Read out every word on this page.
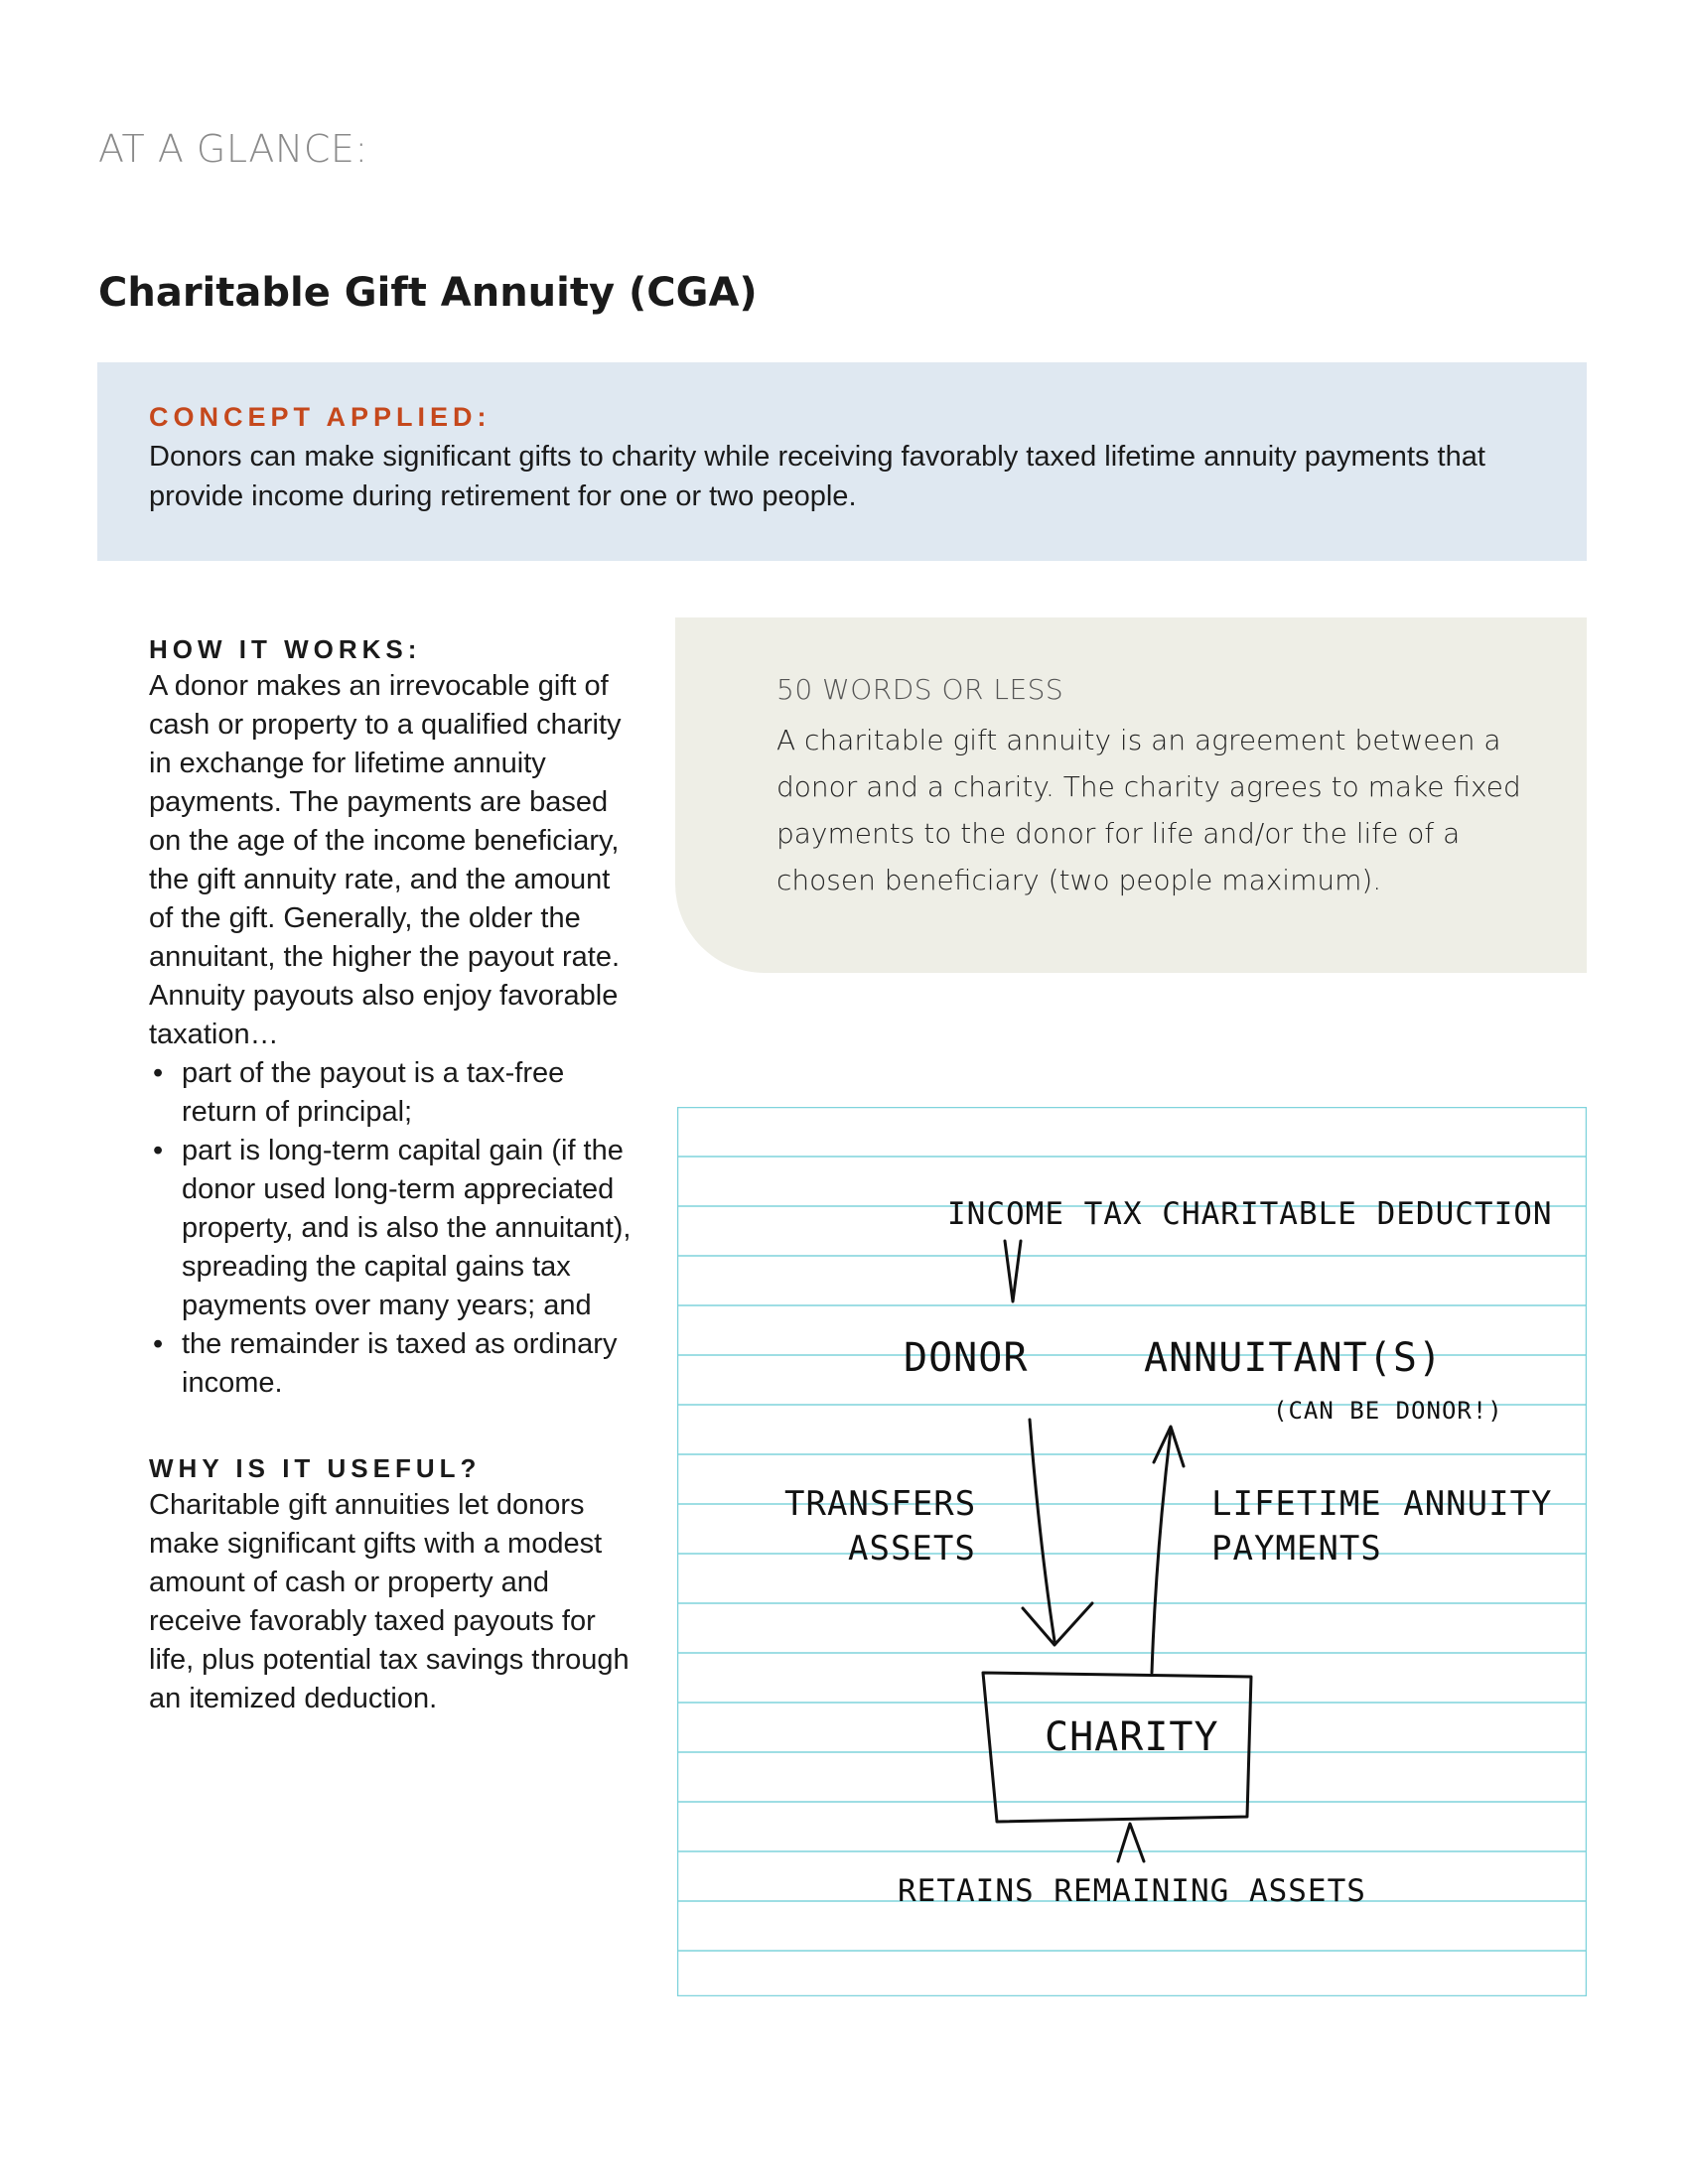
AT A GLANCE:
Charitable Gift Annuity (CGA)
CONCEPT APPLIED:

Donors can make significant gifts to charity while receiving favorably taxed lifetime annuity payments that provide income during retirement for one or two people.

HOW IT WORKS:

A donor makes an irrevocable gift of cash or property to a qualified charity in exchange for lifetime annuity payments. The payments are based on the age of the income beneficiary, the gift annuity rate, and the amount of the gift. Generally, the older the annuitant, the higher the payout rate. Annuity payouts also enjoy favorable taxation…

• part of the payout is a tax-free return of principal;
• part is long-term capital gain (if the donor used long-term appreciated property, and is also the annuitant), spreading the capital gains tax payments over many years; and
• the remainder is taxed as ordinary income.
WHY IS IT USEFUL?

Charitable gift annuities let donors make significant gifts with a modest amount of cash or property and receive favorably taxed payouts for life, plus potential tax savings through an itemized deduction.

50 WORDS OR LESS

A charitable gift annuity is an agreement between a donor and a charity. The charity agrees to make fixed payments to the donor for life and/or the life of a chosen beneficiary (two people maximum).

INCOME TAX CHARITABLE DEDUCTION

DONOR	ANNUITANT(S)

(CAN BE DONOR!)

TRANSFERS

ASSETS

LIFETIME ANNUITY

PAYMENTS

CHARITY

RETAINS REMAINING ASSETS
